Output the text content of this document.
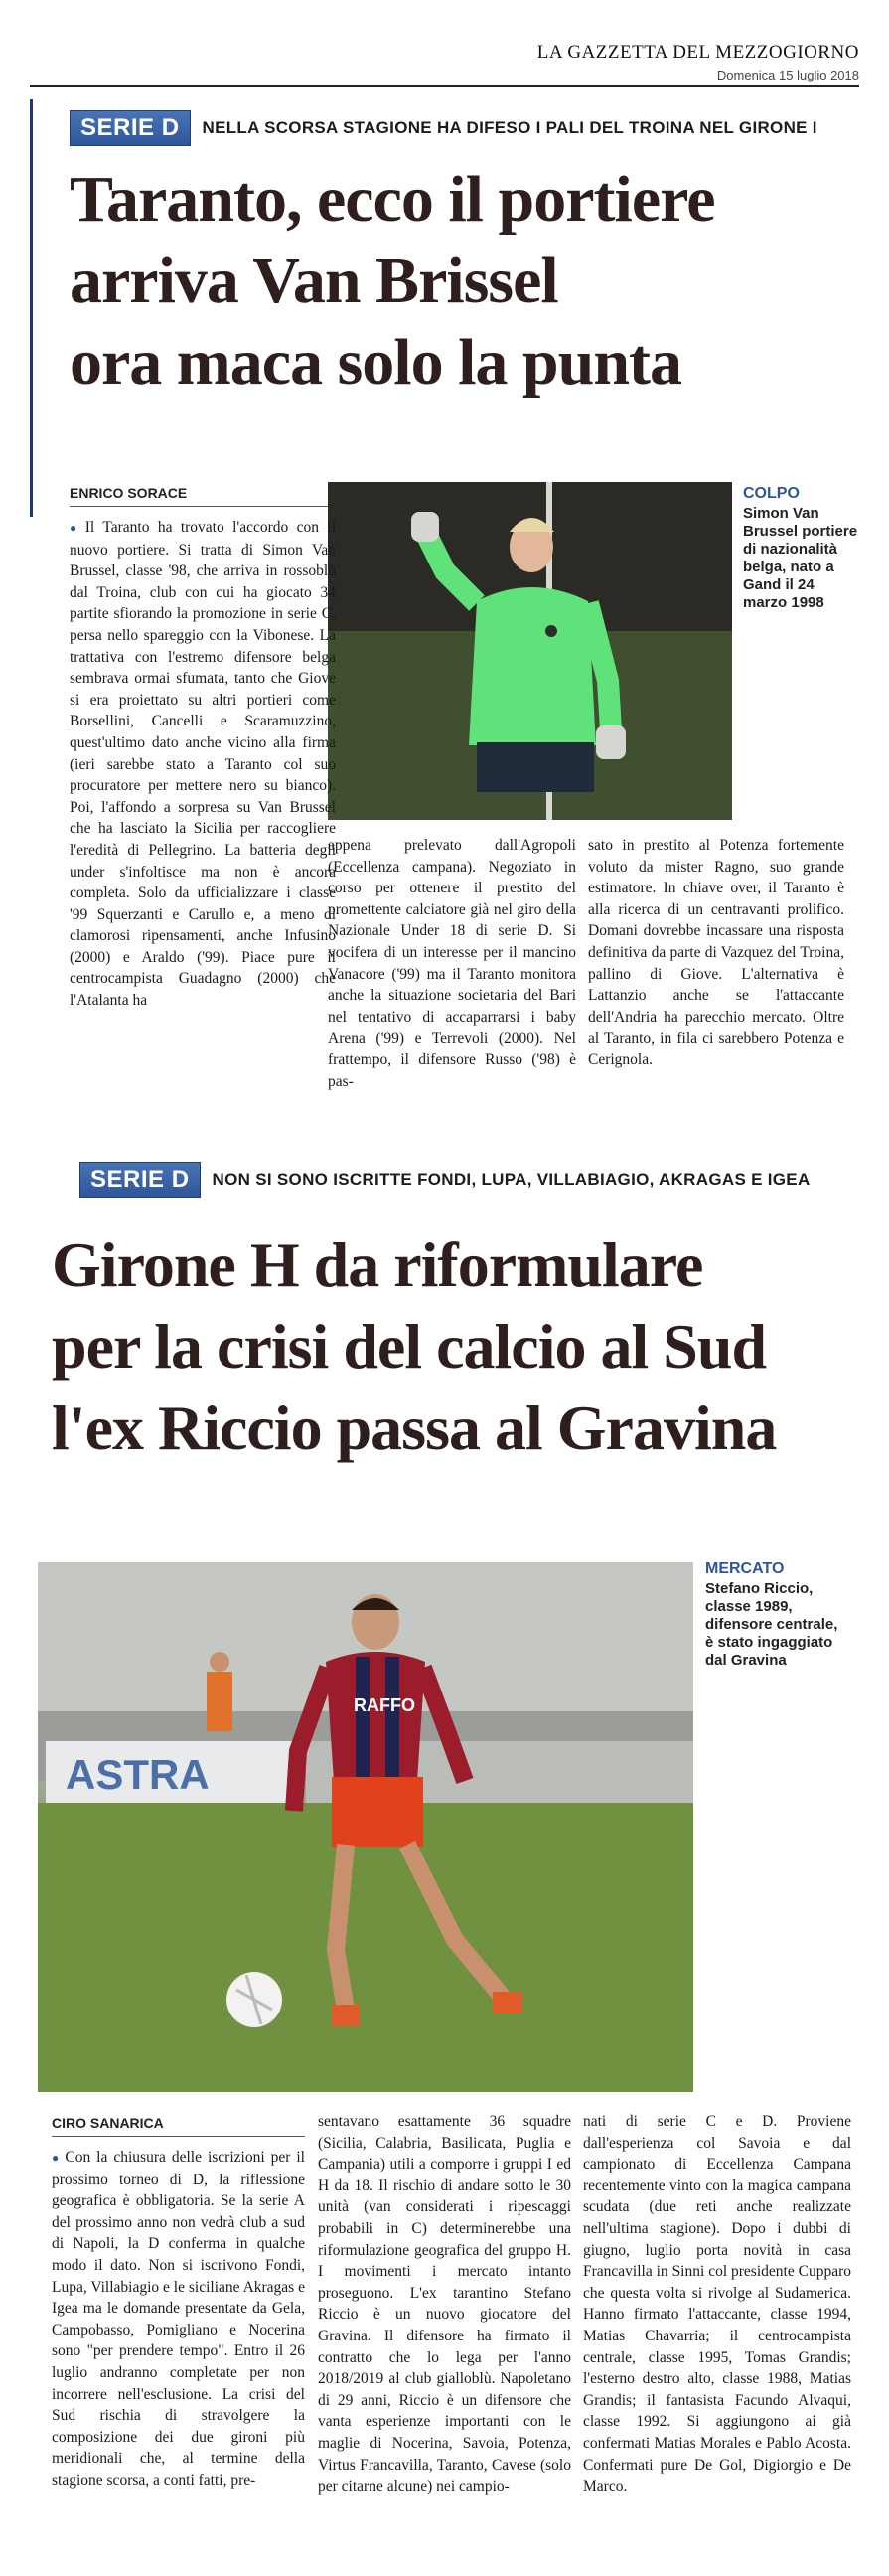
LA GAZZETTA DEL MEZZOGIORNO
Domenica 15 luglio 2018
SERIE D	NELLA SCORSA STAGIONE HA DIFESO I PALI DEL TROINA NEL GIRONE I
Taranto, ecco il portiere
arriva Van Brissel
ora maca solo la punta
ENRICO SORACE	COLPO
Simon Van Brussel portiere di nazionalità belga, nato a Gand il 24 marzo 1998

● Il Taranto ha trovato l'accordo con il nuovo portiere. Si tratta di Simon Van Brussel, classe '98, che arriva in rossoblù dal Troina, club con cui ha giocato 34 partite sfiorando la promozione in serie C, persa nello spareggio con la Vibonese. La trattativa con l'estremo difensore belga sembrava ormai sfumata, tanto che Giove si era proiettato su altri portieri come Borsellini, Cancelli e Scaramuzzino, quest'ultimo dato anche vicino alla firma (ieri sarebbe stato a Taranto col suo procuratore per mettere nero su bianco). Poi, l'affondo a sorpresa su Van Brussel che ha lasciato la Sicilia per raccogliere l'eredità di Pellegrino. La batteria degli under s'infoltisce ma non è ancora completa. Solo da ufficializzare i classe '99 Squerzanti e Carullo e, a meno di clamorosi ripensamenti, anche Infusino (2000) e Araldo ('99). Piace pure il centrocampista Guadagno (2000) che l'Atalanta ha

appena prelevato dall'Agropoli (Eccellenza campana). Negoziato in corso per ottenere il prestito del promettente calciatore già nel giro della Nazionale Under 18 di serie D. Si vocifera di un interesse per il mancino Vanacore ('99) ma il Taranto monitora anche la situazione societaria del Bari nel tentativo di accaparrarsi i baby Arena ('99) e Terrevoli (2000). Nel frattempo, il difensore Russo ('98) è pas-

sato in prestito al Potenza fortemente voluto da mister Ragno, suo grande estimatore. In chiave over, il Taranto è alla ricerca di un centravanti prolifico. Domani dovrebbe incassare una risposta definitiva da parte di Vazquez del Troina, pallino di Giove. L'alternativa è Lattanzio anche se l'attaccante dell'Andria ha parecchio mercato. Oltre al Taranto, in fila ci sarebbero Potenza e Cerignola.

SERIE D	NON SI SONO ISCRITTE FONDI, LUPA, VILLABIAGIO, AKRAGAS E IGEA
Girone H da riformulare
per la crisi del calcio al Sud
l'ex Riccio passa al Gravina
ASTRA
RAFFO
MERCATO
Stefano Riccio, classe 1989, difensore centrale, è stato ingaggiato dal Gravina
CIRO SANARICA

● Con la chiusura delle iscrizioni per il prossimo torneo di D, la riflessione geografica è obbligatoria. Se la serie A del prossimo anno non vedrà club a sud di Napoli, la D conferma in qualche modo il dato. Non si iscrivono Fondi, Lupa, Villabiagio e le siciliane Akragas e Igea ma le domande presentate da Gela, Campobasso, Pomigliano e Nocerina sono "per prendere tempo". Entro il 26 luglio andranno completate per non incorrere nell'esclusione. La crisi del Sud rischia di stravolgere la composizione dei due gironi più meridionali che, al termine della stagione scorsa, a conti fatti, pre-

sentavano esattamente 36 squadre (Sicilia, Calabria, Basilicata, Puglia e Campania) utili a comporre i gruppi I ed H da 18. Il rischio di andare sotto le 30 unità (van considerati i ripescaggi probabili in C) determinerebbe una riformulazione geografica del gruppo H. I movimenti i mercato intanto proseguono. L'ex tarantino Stefano Riccio è un nuovo giocatore del Gravina. Il difensore ha firmato il contratto che lo lega per l'anno 2018/2019 al club gialloblù. Napoletano di 29 anni, Riccio è un difensore che vanta esperienze importanti con le maglie di Nocerina, Savoia, Potenza, Virtus Francavilla, Taranto, Cavese (solo per citarne alcune) nei campio-

nati di serie C e D. Proviene dall'esperienza col Savoia e dal campionato di Eccellenza Campana recentemente vinto con la magica campana scudata (due reti anche realizzate nell'ultima stagione). Dopo i dubbi di giugno, luglio porta novità in casa Francavilla in Sinni col presidente Cupparo che questa volta si rivolge al Sudamerica. Hanno firmato l'attaccante, classe 1994, Matias Chavarria; il centrocampista centrale, classe 1995, Tomas Grandis; l'esterno destro alto, classe 1988, Matias Grandis; il fantasista Facundo Alvaqui, classe 1992. Si aggiungono ai già confermati Matias Morales e Pablo Acosta. Confermati pure De Gol, Digiorgio e De Marco.
